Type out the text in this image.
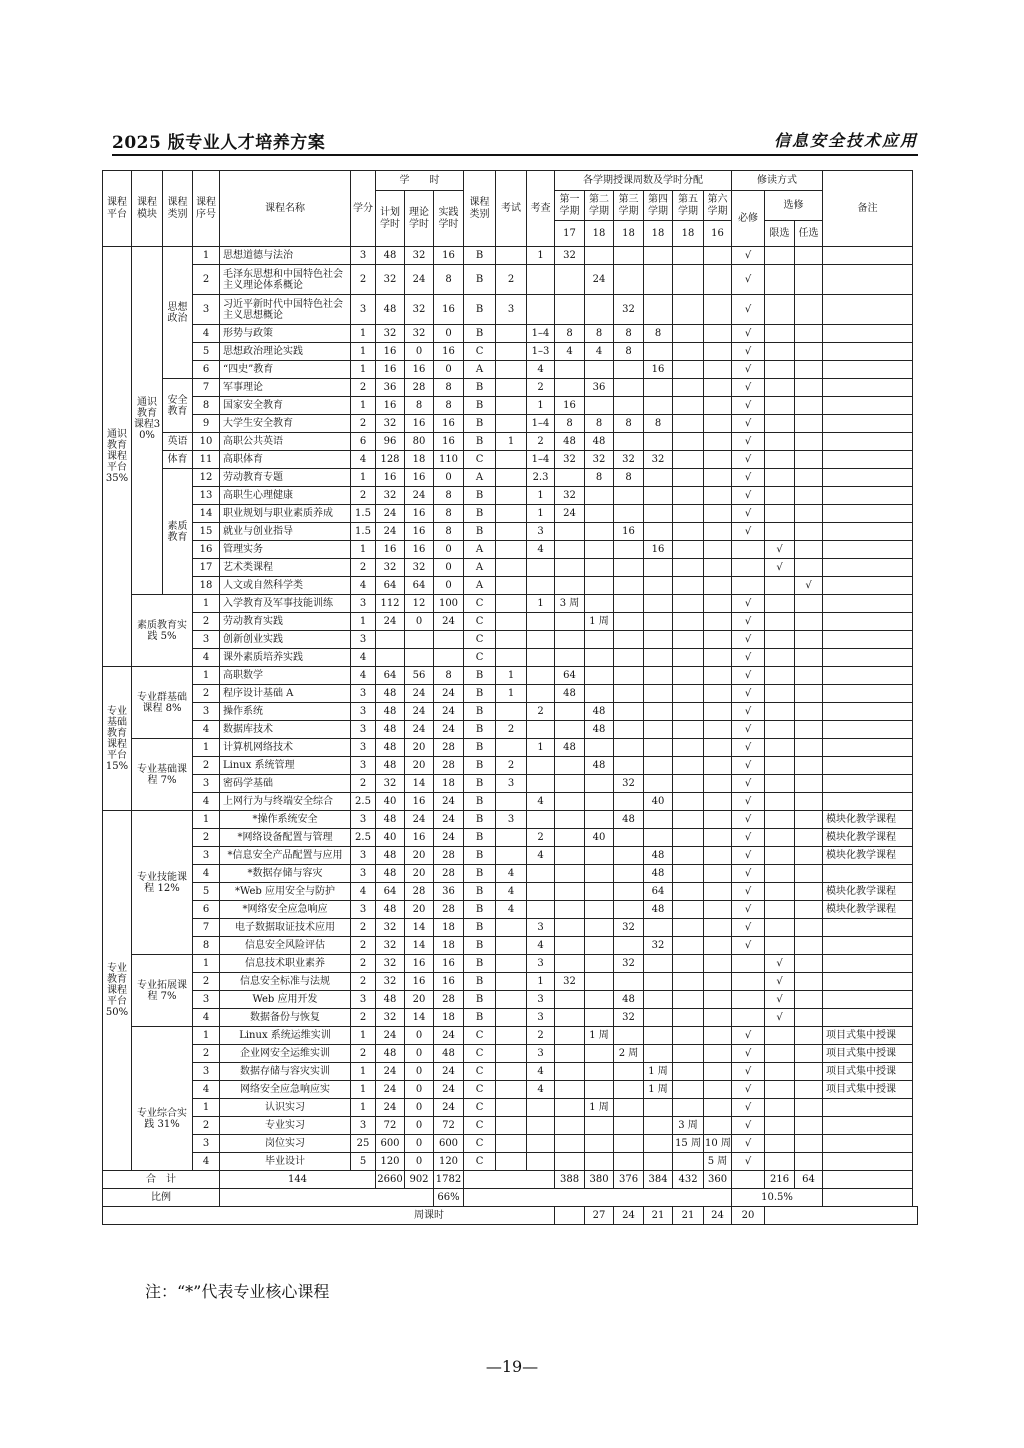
2025 版专业人才培养方案	信息安全技术应用
课程平台	课程模块	课程类别	课程序号	课程名称	学分	学　　时			课程类别	考试	考查	各学期授课周数及学时分配						修读方式			备注
						计划学时	理论学时	实践学时				第一学期	第二学期	第三学期	第四学期	第五学期	第六学期	必修	选修		
												17	18	18	18	18	16		限选	任选	
通识教育课程平台35%	通识教育课程30%	思想政治	1	思想道德与法治	3	48	32	16	B		1	32						√			
			2	毛泽东思想和中国特色社会主义理论体系概论	2	32	24	8	B	2			24					√			
			3	习近平新时代中国特色社会主义思想概论	3	48	32	16	B	3				32				√			
			4	形势与政策	1	32	32	0	B		1–4	8	8	8	8			√			
			5	思想政治理论实践	1	16	0	16	C		1–3	4	4	8				√			
			6	“四史”教育	1	16	16	0	A		4				16			√			
		安全教育	7	军事理论	2	36	28	8	B		2		36					√			
			8	国家安全教育	1	16	8	8	B		1	16						√			
			9	大学生安全教育	2	32	16	16	B		1–4	8	8	8	8			√			
		英语	10	高职公共英语	6	96	80	16	B	1	2	48	48					√			
		体育	11	高职体育	4	128	18	110	C		1–4	32	32	32	32			√			
		素质教育	12	劳动教育专题	1	16	16	0	A		2.3		8	8				√			
			13	高职生心理健康	2	32	24	8	B		1	32						√			
			14	职业规划与职业素质养成	1.5	24	16	8	B		1	24						√			
			15	就业与创业指导	1.5	24	16	8	B		3			16				√			
			16	管理实务	1	16	16	0	A		4				16				√		
			17	艺术类课程	2	32	32	0	A										√		
			18	人文或自然科学类	4	64	64	0	A											√	
	素质教育实践 5%		1	入学教育及军事技能训练	3	112	12	100	C		1	3 周						√			
			2	劳动教育实践	1	24	0	24	C				1 周					√			
			3	创新创业实践	3				C									√			
			4	课外素质培养实践	4				C									√			
专业基础教育课程平台15%	专业群基础课程 8%		1	高职数学	4	64	56	8	B	1		64						√			
			2	程序设计基础 A	3	48	24	24	B	1		48						√			
			3	操作系统	3	48	24	24	B		2		48					√			
			4	数据库技术	3	48	24	24	B	2			48					√			
	专业基础课程 7%		1	计算机网络技术	3	48	20	28	B		1	48						√			
			2	Linux 系统管理	3	48	20	28	B	2			48					√			
			3	密码学基础	2	32	14	18	B	3				32				√			
			4	上网行为与终端安全综合	2.5	40	16	24	B		4				40			√			
专业教育课程平台50%	专业技能课程 12%		1	*操作系统安全	3	48	24	24	B	3				48				√			模块化教学课程
			2	*网络设备配置与管理	2.5	40	16	24	B		2		40					√			模块化教学课程
			3	*信息安全产品配置与应用	3	48	20	28	B		4				48			√			模块化教学课程
			4	*数据存储与容灾	3	48	20	28	B	4					48			√			
			5	*Web 应用安全与防护	4	64	28	36	B	4					64			√			模块化教学课程
			6	*网络安全应急响应	3	48	20	28	B	4					48			√			模块化教学课程
			7	电子数据取证技术应用	2	32	14	18	B		3			32				√			
			8	信息安全风险评估	2	32	14	18	B		4				32			√			
	专业拓展课程 7%		1	信息技术职业素养	2	32	16	16	B		3			32					√		
			2	信息安全标准与法规	2	32	16	16	B		1	32							√		
			3	Web 应用开发	3	48	20	28	B		3			48					√		
			4	数据备份与恢复	2	32	14	18	B		3			32					√		
	专业综合实践 31%		1	Linux 系统运维实训	1	24	0	24	C		2		1 周					√			项目式集中授课
			2	企业网安全运维实训	2	48	0	48	C		3			2 周				√			项目式集中授课
			3	数据存储与容灾实训	1	24	0	24	C		4				1 周			√			项目式集中授课
			4	网络安全应急响应实	1	24	0	24	C		4				1 周			√			项目式集中授课
			1	认识实习	1	24	0	24	C				1 周					√			
			2	专业实习	3	72	0	72	C							3 周		√			
			3	岗位实习	25	600	0	600	C							15 周	10 周	√			
			4	毕业设计	5	120	0	120	C								5 周	√			
合　计				144		2660	902	1782				388	380	376	384	432	360		216	64	
比例								66%										10.5%			
周课时													27	24	21	21	24	20			
注：“*”代表专业核心课程
—19—
